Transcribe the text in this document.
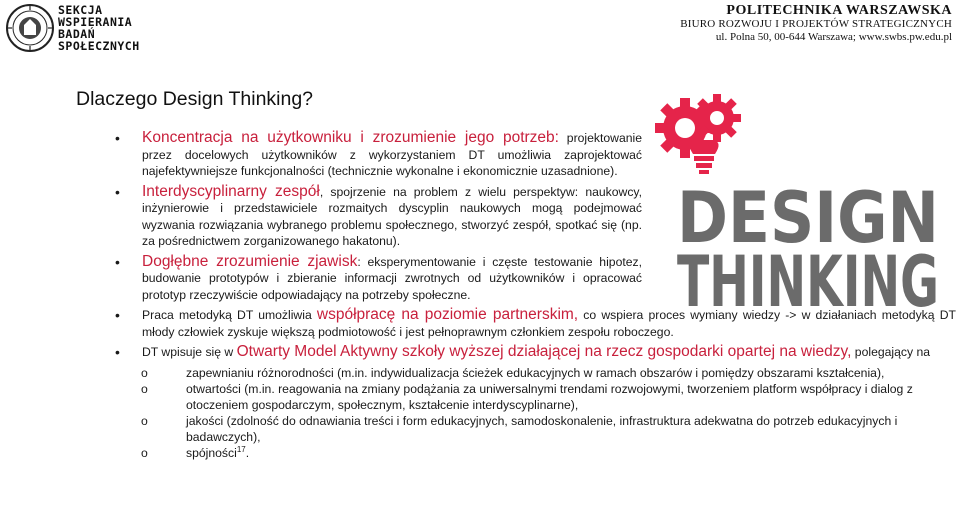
SEKCJA
WSPIERANIA
BADAŃ
SPOŁECZNYCH
POLITECHNIKA WARSZAWSKA
BIURO ROZWOJU I PROJEKTÓW STRATEGICZNYCH
ul. Polna 50, 00-644 Warszawa; www.swbs.pw.edu.pl
Dlaczego Design Thinking?
DESIGN
THINKING
• Koncentracja na użytkowniku i zrozumienie jego potrzeb: projektowanie przez docelowych użytkowników z wykorzystaniem DT umożliwia zaprojektować najefektywniejsze funkcjonalności (technicznie wykonalne i ekonomicznie uzasadnione).
• Interdyscyplinarny zespół, spojrzenie na problem z wielu perspektyw: naukowcy, inżynierowie i przedstawiciele rozmaitych dyscyplin naukowych mogą podejmować wyzwania rozwiązania wybranego problemu społecznego, stworzyć zespół, spotkać się (np. za pośrednictwem zorganizowanego hakatonu).
• Dogłębne zrozumienie zjawisk: eksperymentowanie i częste testowanie hipotez, budowanie prototypów i zbieranie informacji zwrotnych od użytkowników i opracować prototyp rzeczywiście odpowiadający na potrzeby społeczne.
• Praca metodyką DT umożliwia współpracę na poziomie partnerskim, co wspiera proces wymiany wiedzy -> w działaniach metodyką DT młody człowiek zyskuje większą podmiotowość i jest pełnoprawnym członkiem zespołu roboczego.
• DT wpisuje się w Otwarty Model Aktywny szkoły wyższej działającej na rzecz gospodarki opartej na wiedzy, polegający na
o zapewnianiu różnorodności (m.in. indywidualizacja ścieżek edukacyjnych w ramach obszarów i pomiędzy obszarami kształcenia),
o otwartości (m.in. reagowania na zmiany podążania za uniwersalnymi trendami rozwojowymi, tworzeniem platform współpracy i dialog z otoczeniem gospodarczym, społecznym, kształcenie interdyscyplinarne),
o jakości (zdolność do odnawiania treści i form edukacyjnych, samodoskonalenie, infrastruktura adekwatna do potrzeb edukacyjnych i badawczych),
o spójności$^{17}$.
